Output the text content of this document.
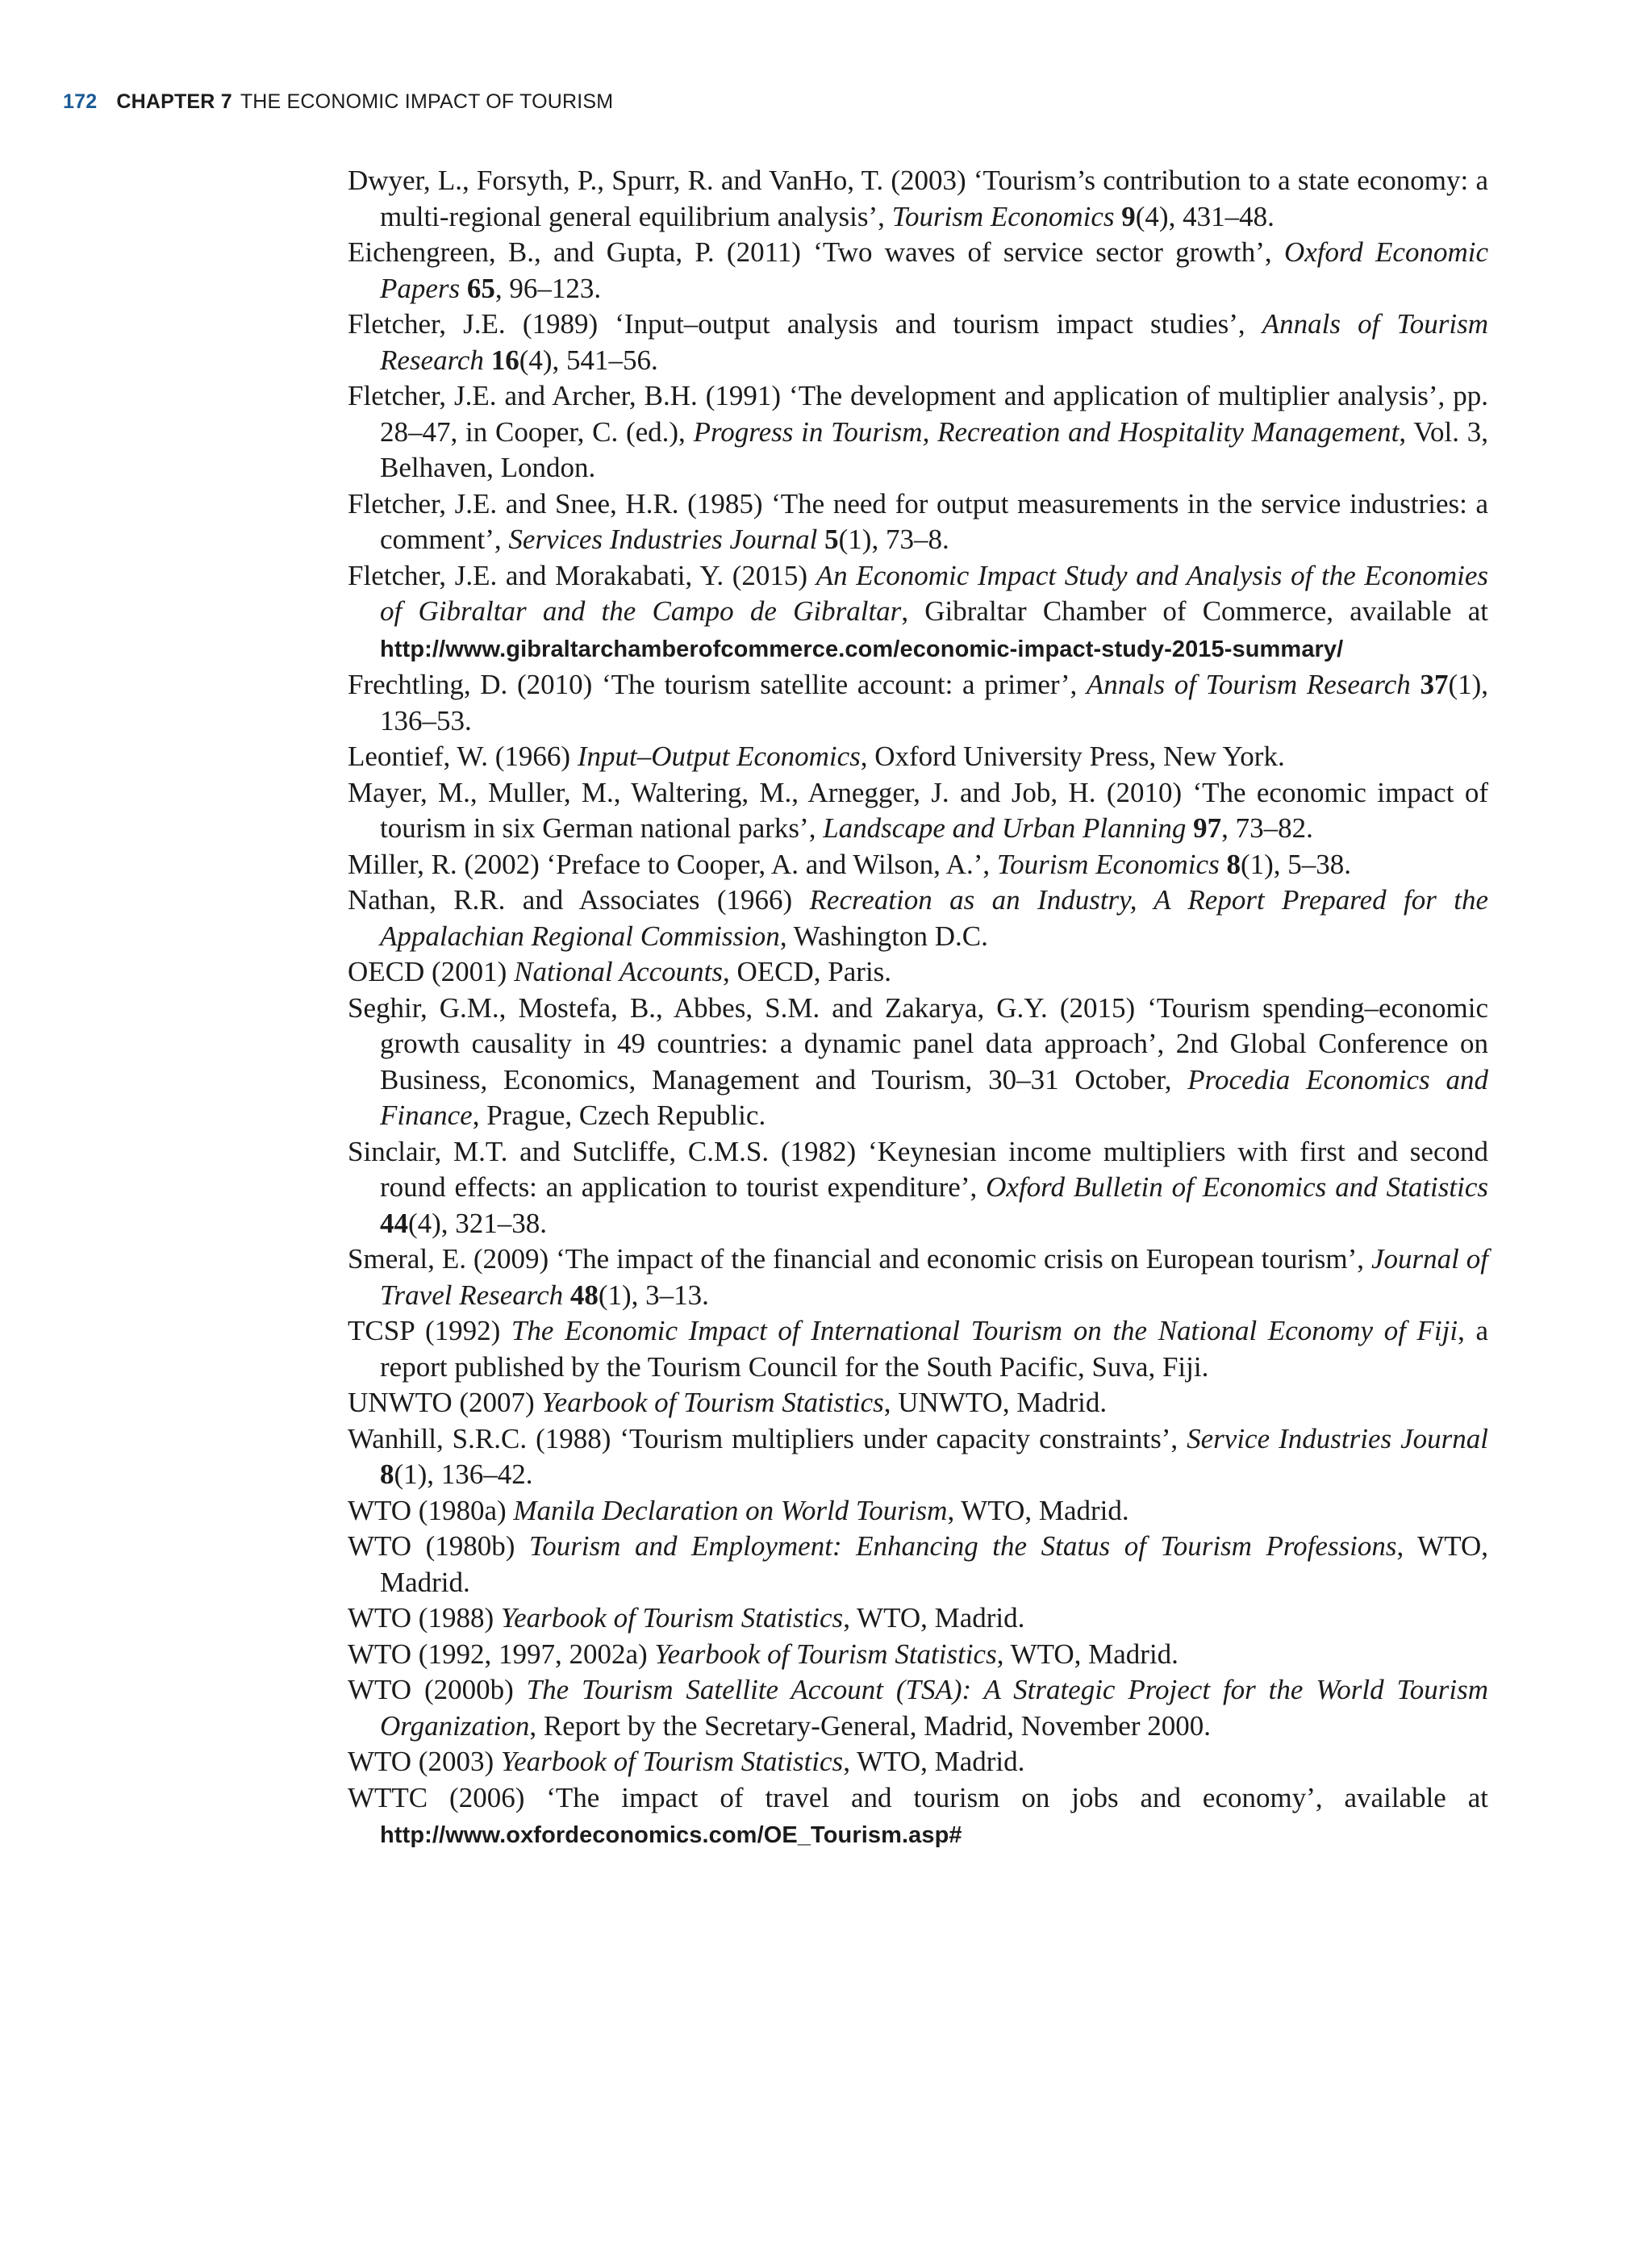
172 CHAPTER 7 THE ECONOMIC IMPACT OF TOURISM
Dwyer, L., Forsyth, P., Spurr, R. and VanHo, T. (2003) ‘Tourism’s contribution to a state economy: a multi-regional general equilibrium analysis’, Tourism Economics 9(4), 431–48.
Eichengreen, B., and Gupta, P. (2011) ‘Two waves of service sector growth’, Oxford Economic Papers 65, 96–123.
Fletcher, J.E. (1989) ‘Input–output analysis and tourism impact studies’, Annals of Tourism Research 16(4), 541–56.
Fletcher, J.E. and Archer, B.H. (1991) ‘The development and application of multiplier analysis’, pp. 28–47, in Cooper, C. (ed.), Progress in Tourism, Recreation and Hospitality Management, Vol. 3, Belhaven, London.
Fletcher, J.E. and Snee, H.R. (1985) ‘The need for output measurements in the service industries: a comment’, Services Industries Journal 5(1), 73–8.
Fletcher, J.E. and Morakabati, Y. (2015) An Economic Impact Study and Analysis of the Economies of Gibraltar and the Campo de Gibraltar, Gibraltar Chamber of Commerce, available at http://www.gibraltarchamberofcommerce.com/economic-impact-study-2015-summary/
Frechtling, D. (2010) ‘The tourism satellite account: a primer’, Annals of Tourism Research 37(1), 136–53.
Leontief, W. (1966) Input–Output Economics, Oxford University Press, New York.
Mayer, M., Muller, M., Waltering, M., Arnegger, J. and Job, H. (2010) ‘The economic impact of tourism in six German national parks’, Landscape and Urban Planning 97, 73–82.
Miller, R. (2002) ‘Preface to Cooper, A. and Wilson, A.’, Tourism Economics 8(1), 5–38.
Nathan, R.R. and Associates (1966) Recreation as an Industry, A Report Prepared for the Appalachian Regional Commission, Washington D.C.
OECD (2001) National Accounts, OECD, Paris.
Seghir, G.M., Mostefa, B., Abbes, S.M. and Zakarya, G.Y. (2015) ‘Tourism spending–economic growth causality in 49 countries: a dynamic panel data approach’, 2nd Global Conference on Business, Economics, Management and Tourism, 30–31 October, Procedia Economics and Finance, Prague, Czech Republic.
Sinclair, M.T. and Sutcliffe, C.M.S. (1982) ‘Keynesian income multipliers with first and second round effects: an application to tourist expenditure’, Oxford Bulletin of Economics and Statistics 44(4), 321–38.
Smeral, E. (2009) ‘The impact of the financial and economic crisis on European tourism’, Journal of Travel Research 48(1), 3–13.
TCSP (1992) The Economic Impact of International Tourism on the National Economy of Fiji, a report published by the Tourism Council for the South Pacific, Suva, Fiji.
UNWTO (2007) Yearbook of Tourism Statistics, UNWTO, Madrid.
Wanhill, S.R.C. (1988) ‘Tourism multipliers under capacity constraints’, Service Industries Journal 8(1), 136–42.
WTO (1980a) Manila Declaration on World Tourism, WTO, Madrid.
WTO (1980b) Tourism and Employment: Enhancing the Status of Tourism Professions, WTO, Madrid.
WTO (1988) Yearbook of Tourism Statistics, WTO, Madrid.
WTO (1992, 1997, 2002a) Yearbook of Tourism Statistics, WTO, Madrid.
WTO (2000b) The Tourism Satellite Account (TSA): A Strategic Project for the World Tourism Organization, Report by the Secretary-General, Madrid, November 2000.
WTO (2003) Yearbook of Tourism Statistics, WTO, Madrid.
WTTC (2006) ‘The impact of travel and tourism on jobs and economy’, available at http://www.oxfordeconomics.com/OE_Tourism.asp#
